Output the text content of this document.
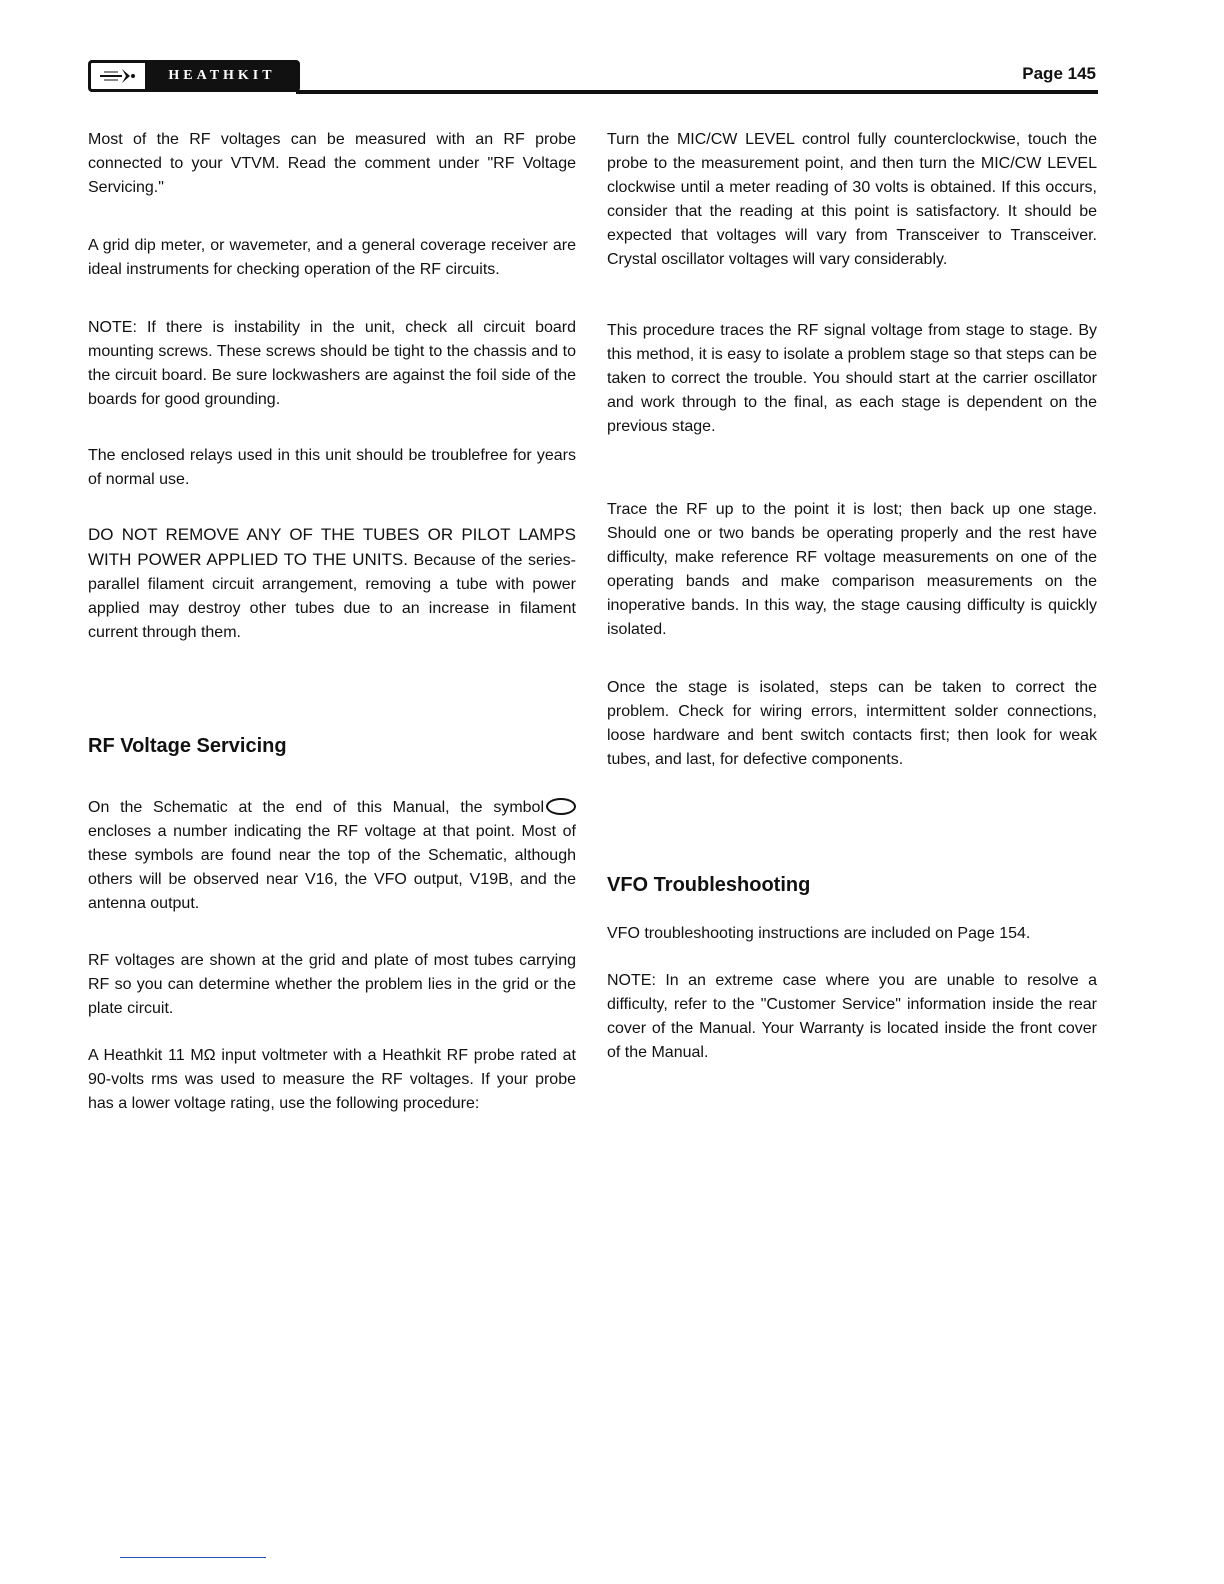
HEATHKIT	Page 145

Most of the RF voltages can be measured with an RF probe connected to your VTVM. Read the comment under "RF Voltage Servicing."

A grid dip meter, or wavemeter, and a general coverage receiver are ideal instruments for checking operation of the RF circuits.

NOTE: If there is instability in the unit, check all circuit board mounting screws. These screws should be tight to the chassis and to the circuit board. Be sure lockwashers are against the foil side of the boards for good grounding.

The enclosed relays used in this unit should be troublefree for years of normal use.

DO NOT REMOVE ANY OF THE TUBES OR PILOT LAMPS WITH POWER APPLIED TO THE UNITS. Because of the series-parallel filament circuit arrangement, removing a tube with power applied may destroy other tubes due to an increase in filament current through them.

RF Voltage Servicing

On the Schematic at the end of this Manual, the symbol encloses a number indicating the RF voltage at that point. Most of these symbols are found near the top of the Schematic, although others will be observed near V16, the VFO output, V19B, and the antenna output.

RF voltages are shown at the grid and plate of most tubes carrying RF so you can determine whether the problem lies in the grid or the plate circuit.

A Heathkit 11 MΩ input voltmeter with a Heathkit RF probe rated at 90-volts rms was used to measure the RF voltages. If your probe has a lower voltage rating, use the following procedure:

Turn the MIC/CW LEVEL control fully counterclockwise, touch the probe to the measurement point, and then turn the MIC/CW LEVEL clockwise until a meter reading of 30 volts is obtained. If this occurs, consider that the reading at this point is satisfactory. It should be expected that voltages will vary from Transceiver to Transceiver. Crystal oscillator voltages will vary considerably.

This procedure traces the RF signal voltage from stage to stage. By this method, it is easy to isolate a problem stage so that steps can be taken to correct the trouble. You should start at the carrier oscillator and work through to the final, as each stage is dependent on the previous stage.

Trace the RF up to the point it is lost; then back up one stage. Should one or two bands be operating properly and the rest have difficulty, make reference RF voltage measurements on one of the operating bands and make comparison measurements on the inoperative bands. In this way, the stage causing difficulty is quickly isolated.

Once the stage is isolated, steps can be taken to correct the problem. Check for wiring errors, intermittent solder connections, loose hardware and bent switch contacts first; then look for weak tubes, and last, for defective components.

VFO Troubleshooting

VFO troubleshooting instructions are included on Page 154.

NOTE: In an extreme case where you are unable to resolve a difficulty, refer to the "Customer Service" information inside the rear cover of the Manual. Your Warranty is located inside the front cover of the Manual.
